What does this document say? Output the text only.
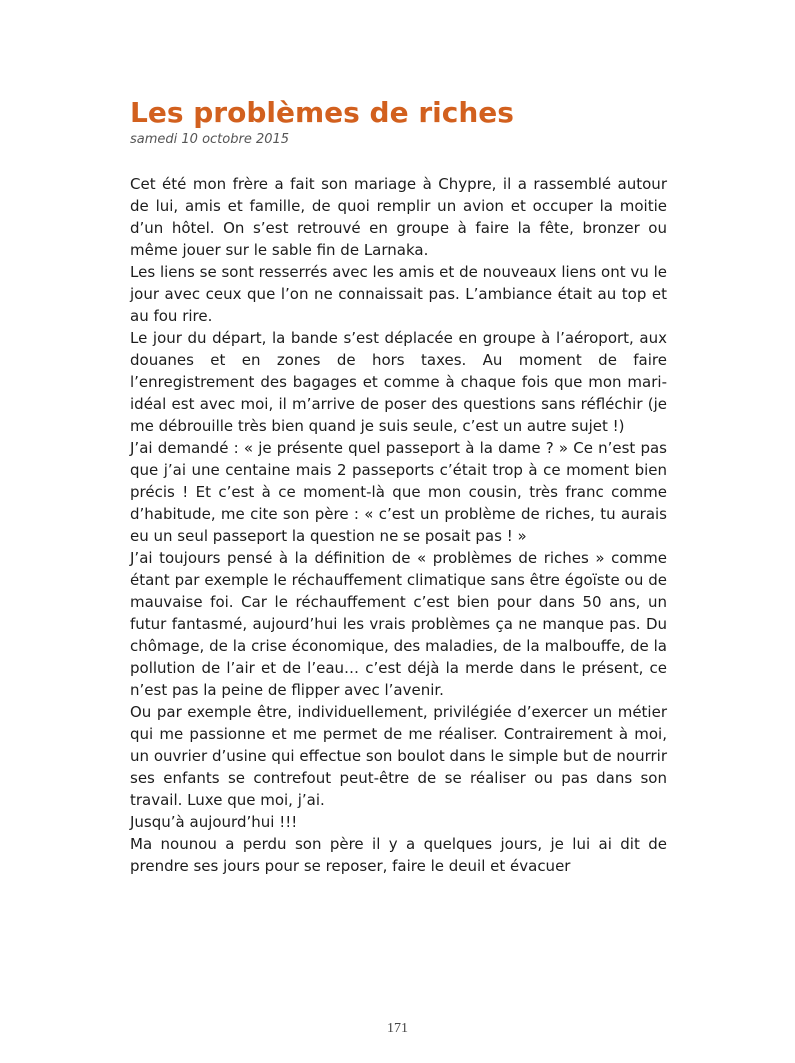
Les problèmes de riches
samedi 10 octobre 2015

Cet été mon frère a fait son mariage à Chypre, il a rassemblé autour de lui, amis et famille, de quoi remplir un avion et occuper la moitie d’un hôtel. On s’est retrouvé en groupe à faire la fête, bronzer ou même jouer sur le sable fin de Larnaka.

Les liens se sont resserrés avec les amis et de nouveaux liens ont vu le jour avec ceux que l’on ne connaissait pas. L’ambiance était au top et au fou rire.

Le jour du départ, la bande s’est déplacée en groupe à l’aéroport, aux douanes et en zones de hors taxes. Au moment de faire l’enregistrement des bagages et comme à chaque fois que mon mari-idéal est avec moi, il m’arrive de poser des questions sans réfléchir (je me débrouille très bien quand je suis seule, c’est un autre sujet !)

J’ai demandé : « je présente quel passeport à la dame ? » Ce n’est pas que j’ai une centaine mais 2 passeports c’était trop à ce moment bien précis ! Et c’est à ce moment-là que mon cousin, très franc comme d’habitude, me cite son père : « c’est un problème de riches, tu aurais eu un seul passeport la question ne se posait pas ! »

J’ai toujours pensé à la définition de « problèmes de riches » comme étant par exemple le réchauffement climatique sans être égoïste ou de mauvaise foi. Car le réchauffement c’est bien pour dans 50 ans, un futur fantasmé, aujourd’hui les vrais problèmes ça ne manque pas. Du chômage, de la crise économique, des maladies, de la malbouffe, de la pollution de l’air et de l’eau… c’est déjà la merde dans le présent, ce n’est pas la peine de flipper avec l’avenir.

Ou par exemple être, individuellement, privilégiée d’exercer un métier qui me passionne et me permet de me réaliser. Contrairement à moi, un ouvrier d’usine qui effectue son boulot dans le simple but de nourrir ses enfants se contrefout peut-être de se réaliser ou pas dans son travail. Luxe que moi, j’ai.

Jusqu’à aujourd’hui !!!

Ma nounou a perdu son père il y a quelques jours, je lui ai dit de prendre ses jours pour se reposer, faire le deuil et évacuer

171
